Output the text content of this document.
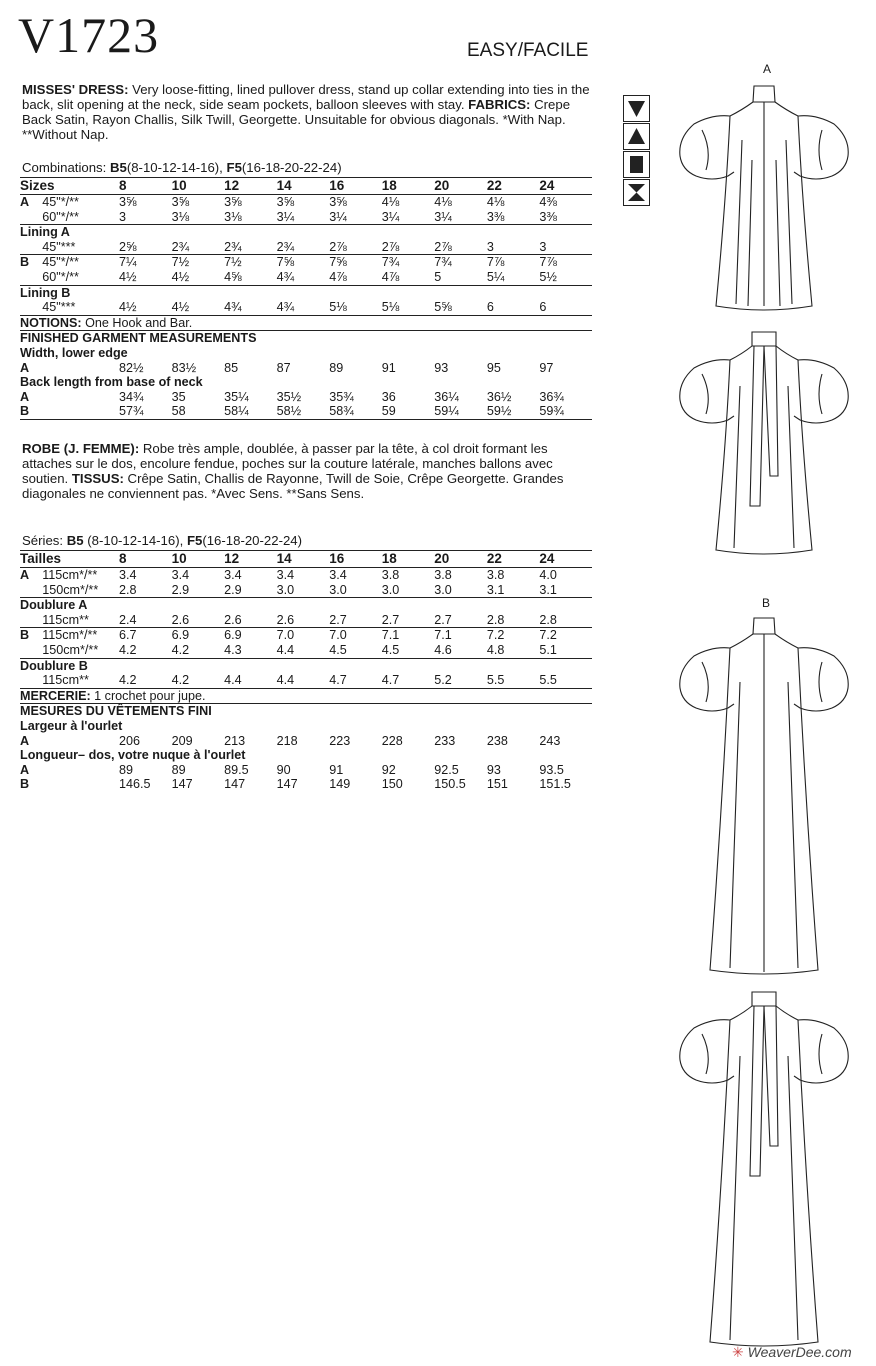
V1723	EASY/FACILE

MISSES' DRESS: Very loose-fitting, lined pullover dress, stand up collar extending into ties in the back, slit opening at the neck, side seam pockets, balloon sleeves with stay. FABRICS: Crepe Back Satin, Rayon Challis, Silk Twill, Georgette. Unsuitable for obvious diagonals. *With Nap. **Without Nap.

Combinations: B5(8-10-12-14-16), F5(16-18-20-22-24)
Sizes		8	10	12	14	16	18	20	22	24
A	45"*/**	3⅝	3⅝	3⅝	3⅝	3⅝	4⅛	4⅛	4⅛	4⅜
	60"*/**	3	3⅛	3⅛	3¼	3¼	3¼	3¼	3⅜	3⅜
Lining A										
	45"***	2⅝	2¾	2¾	2¾	2⅞	2⅞	2⅞	3	3
B	45"*/**	7¼	7½	7½	7⅝	7⅝	7¾	7¾	7⅞	7⅞
	60"*/**	4½	4½	4⅝	4¾	4⅞	4⅞	5	5¼	5½
Lining B										
	45"***	4½	4½	4¾	4¾	5⅛	5⅛	5⅝	6	6
NOTIONS: One Hook and Bar.										
FINISHED GARMENT MEASUREMENTS										
Width, lower edge										
A		82½	83½	85	87	89	91	93	95	97
Back length from base of neck										
A		34¾	35	35¼	35½	35¾	36	36¼	36½	36¾
B		57¾	58	58¼	58½	58¾	59	59¼	59½	59¾

ROBE (J. FEMME): Robe très ample, doublée, à passer par la tête, à col droit formant les attaches sur le dos, encolure fendue, poches sur la couture latérale, manches ballons avec soutien. TISSUS: Crêpe Satin, Challis de Rayonne, Twill de Soie, Crêpe Georgette. Grandes diagonales ne conviennent pas. *Avec Sens. **Sans Sens.

Séries: B5 (8-10-12-14-16), F5(16-18-20-22-24)
Tailles		8	10	12	14	16	18	20	22	24
A	115cm*/**	3.4	3.4	3.4	3.4	3.4	3.8	3.8	3.8	4.0
	150cm*/**	2.8	2.9	2.9	3.0	3.0	3.0	3.0	3.1	3.1
Doublure A										
	115cm**	2.4	2.6	2.6	2.6	2.7	2.7	2.7	2.8	2.8
B	115cm*/**	6.7	6.9	6.9	7.0	7.0	7.1	7.1	7.2	7.2
	150cm*/**	4.2	4.2	4.3	4.4	4.5	4.5	4.6	4.8	5.1
Doublure B										
	115cm**	4.2	4.2	4.4	4.4	4.7	4.7	5.2	5.5	5.5
MERCERIE: 1 crochet pour jupe.										
MESURES DU VÊTEMENTS FINI										
Largeur à l'ourlet										
A		206	209	213	218	223	228	233	238	243
Longueur– dos, votre nuque à l'ourlet										
A		89	89	89.5	90	91	92	92.5	93	93.5
B		146.5	147	147	147	149	150	150.5	151	151.5
A
B
✳ WeaverDee.com
